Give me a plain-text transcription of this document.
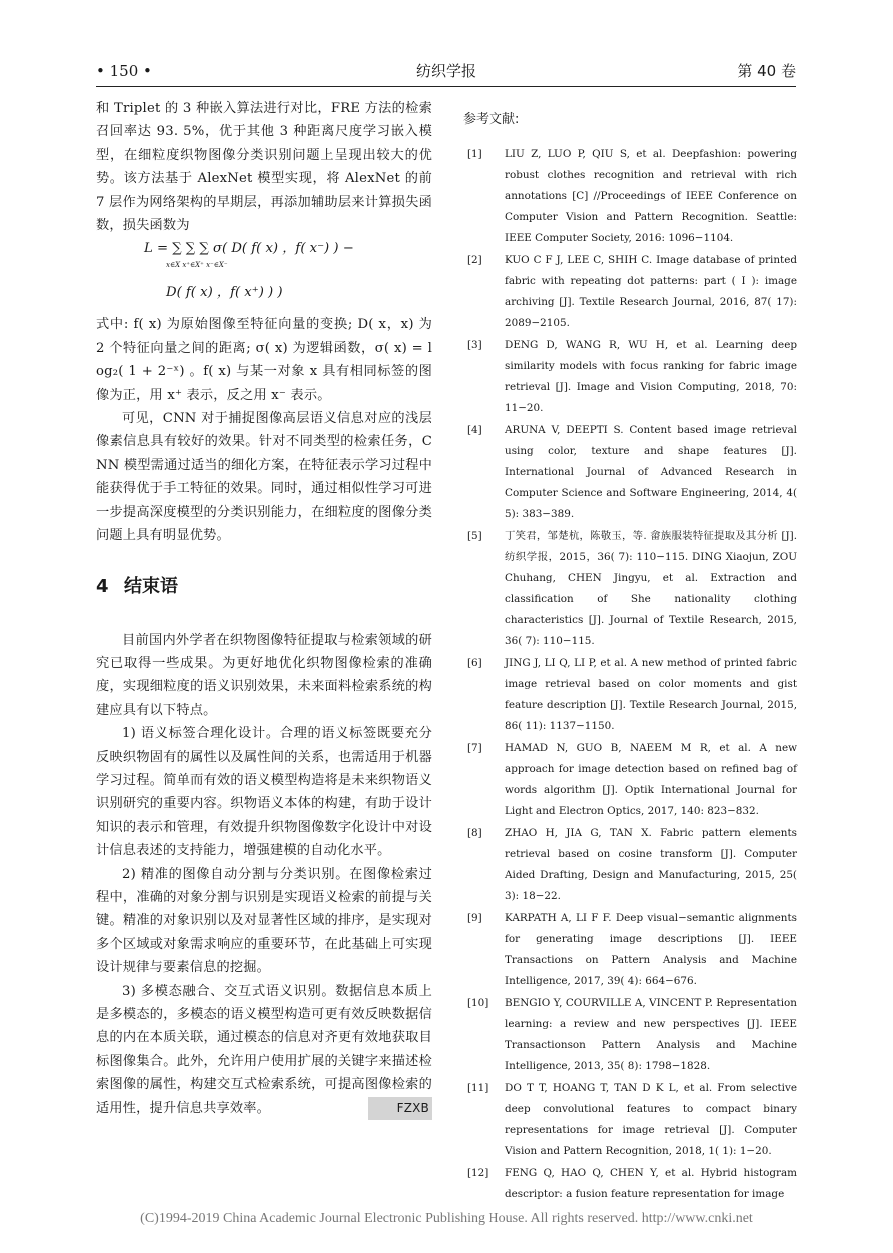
• 150 •	纺织学报	第 40 卷

和 Triplet 的 3 种嵌入算法进行对比，FRE 方法的检索召回率达 93. 5%，优于其他 3 种距离尺度学习嵌入模型，在细粒度织物图像分类识别问题上呈现出较大的优势。该方法基于 AlexNet 模型实现，将 AlexNet 的前 7 层作为网络架构的早期层，再添加辅助层来计算损失函数，损失函数为

L = ∑ ∑ ∑ σ( D( f( x) ，f( x⁻) ) −
x∈X x⁺∈X⁺ x⁻∈X⁻
D( f( x) ，f( x⁺) ) )

式中: f( x) 为原始图像至特征向量的变换; D( x，x) 为 2 个特征向量之间的距离; σ( x) 为逻辑函数，σ( x) = log₂( 1 + 2⁻ˣ) 。f( x) 与某一对象 x 具有相同标签的图像为正，用 x⁺ 表示，反之用 x⁻ 表示。

可见，CNN 对于捕捉图像高层语义信息对应的浅层像素信息具有较好的效果。针对不同类型的检索任务，CNN 模型需通过适当的细化方案，在特征表示学习过程中能获得优于手工特征的效果。同时，通过相似性学习可进一步提高深度模型的分类识别能力，在细粒度的图像分类问题上具有明显优势。

4 结束语

目前国内外学者在织物图像特征提取与检索领域的研究已取得一些成果。为更好地优化织物图像检索的准确度，实现细粒度的语义识别效果，未来面料检索系统的构建应具有以下特点。

1) 语义标签合理化设计。合理的语义标签既要充分反映织物固有的属性以及属性间的关系，也需适用于机器学习过程。简单而有效的语义模型构造将是未来织物语义识别研究的重要内容。织物语义本体的构建，有助于设计知识的表示和管理，有效提升织物图像数字化设计中对设计信息表述的支持能力，增强建模的自动化水平。

2) 精准的图像自动分割与分类识别。在图像检索过程中，准确的对象分割与识别是实现语义检索的前提与关键。精准的对象识别以及对显著性区域的排序，是实现对多个区域或对象需求响应的重要环节，在此基础上可实现设计规律与要素信息的挖掘。

3) 多模态融合、交互式语义识别。数据信息本质上是多模态的，多模态的语义模型构造可更有效反映数据信息的内在本质关联，通过模态的信息对齐更有效地获取目标图像集合。此外，允许用户使用扩展的关键字来描述检索图像的属性，构建交互式检索系统，可提高图像检索的适用性，提升信息共享效率。	FZXB

参考文献:
[1] LIU Z, LUO P, QIU S, et al. Deepfashion: powering robust clothes recognition and retrieval with rich annotations [C] //Proceedings of IEEE Conference on Computer Vision and Pattern Recognition. Seattle: IEEE Computer Society, 2016: 1096−1104.
[2] KUO C F J, LEE C, SHIH C. Image database of printed fabric with repeating dot patterns: part ( I ): image archiving [J]. Textile Research Journal, 2016, 87( 17): 2089−2105.
[3] DENG D, WANG R, WU H, et al. Learning deep similarity models with focus ranking for fabric image retrieval [J]. Image and Vision Computing, 2018, 70: 11−20.
[4] ARUNA V, DEEPTI S. Content based image retrieval using color, texture and shape features [J]. International Journal of Advanced Research in Computer Science and Software Engineering, 2014, 4( 5): 383−389.
[5] 丁笑君，邹楚杭，陈敬玉，等. 畲族服装特征提取及其分析 [J]. 纺织学报，2015，36( 7): 110−115. DING Xiaojun, ZOU Chuhang, CHEN Jingyu, et al. Extraction and classification of She nationality clothing characteristics [J]. Journal of Textile Research, 2015, 36( 7): 110−115.
[6] JING J, LI Q, LI P, et al. A new method of printed fabric image retrieval based on color moments and gist feature description [J]. Textile Research Journal, 2015, 86( 11): 1137−1150.
[7] HAMAD N, GUO B, NAEEM M R, et al. A new approach for image detection based on refined bag of words algorithm [J]. Optik International Journal for Light and Electron Optics, 2017, 140: 823−832.
[8] ZHAO H, JIA G, TAN X. Fabric pattern elements retrieval based on cosine transform [J]. Computer Aided Drafting, Design and Manufacturing, 2015, 25( 3): 18−22.
[9] KARPATH A, LI F F. Deep visual−semantic alignments for generating image descriptions [J]. IEEE Transactions on Pattern Analysis and Machine Intelligence, 2017, 39( 4): 664−676.
[10] BENGIO Y, COURVILLE A, VINCENT P. Representation learning: a review and new perspectives [J]. IEEE Transactionson Pattern Analysis and Machine Intelligence, 2013, 35( 8): 1798−1828.
[11] DO T T, HOANG T, TAN D K L, et al. From selective deep convolutional features to compact binary representations for image retrieval [J]. Computer Vision and Pattern Recognition, 2018, 1( 1): 1−20.
[12] FENG Q, HAO Q, CHEN Y, et al. Hybrid histogram descriptor: a fusion feature representation for image
(C)1994-2019 China Academic Journal Electronic Publishing House. All rights reserved. http://www.cnki.net
